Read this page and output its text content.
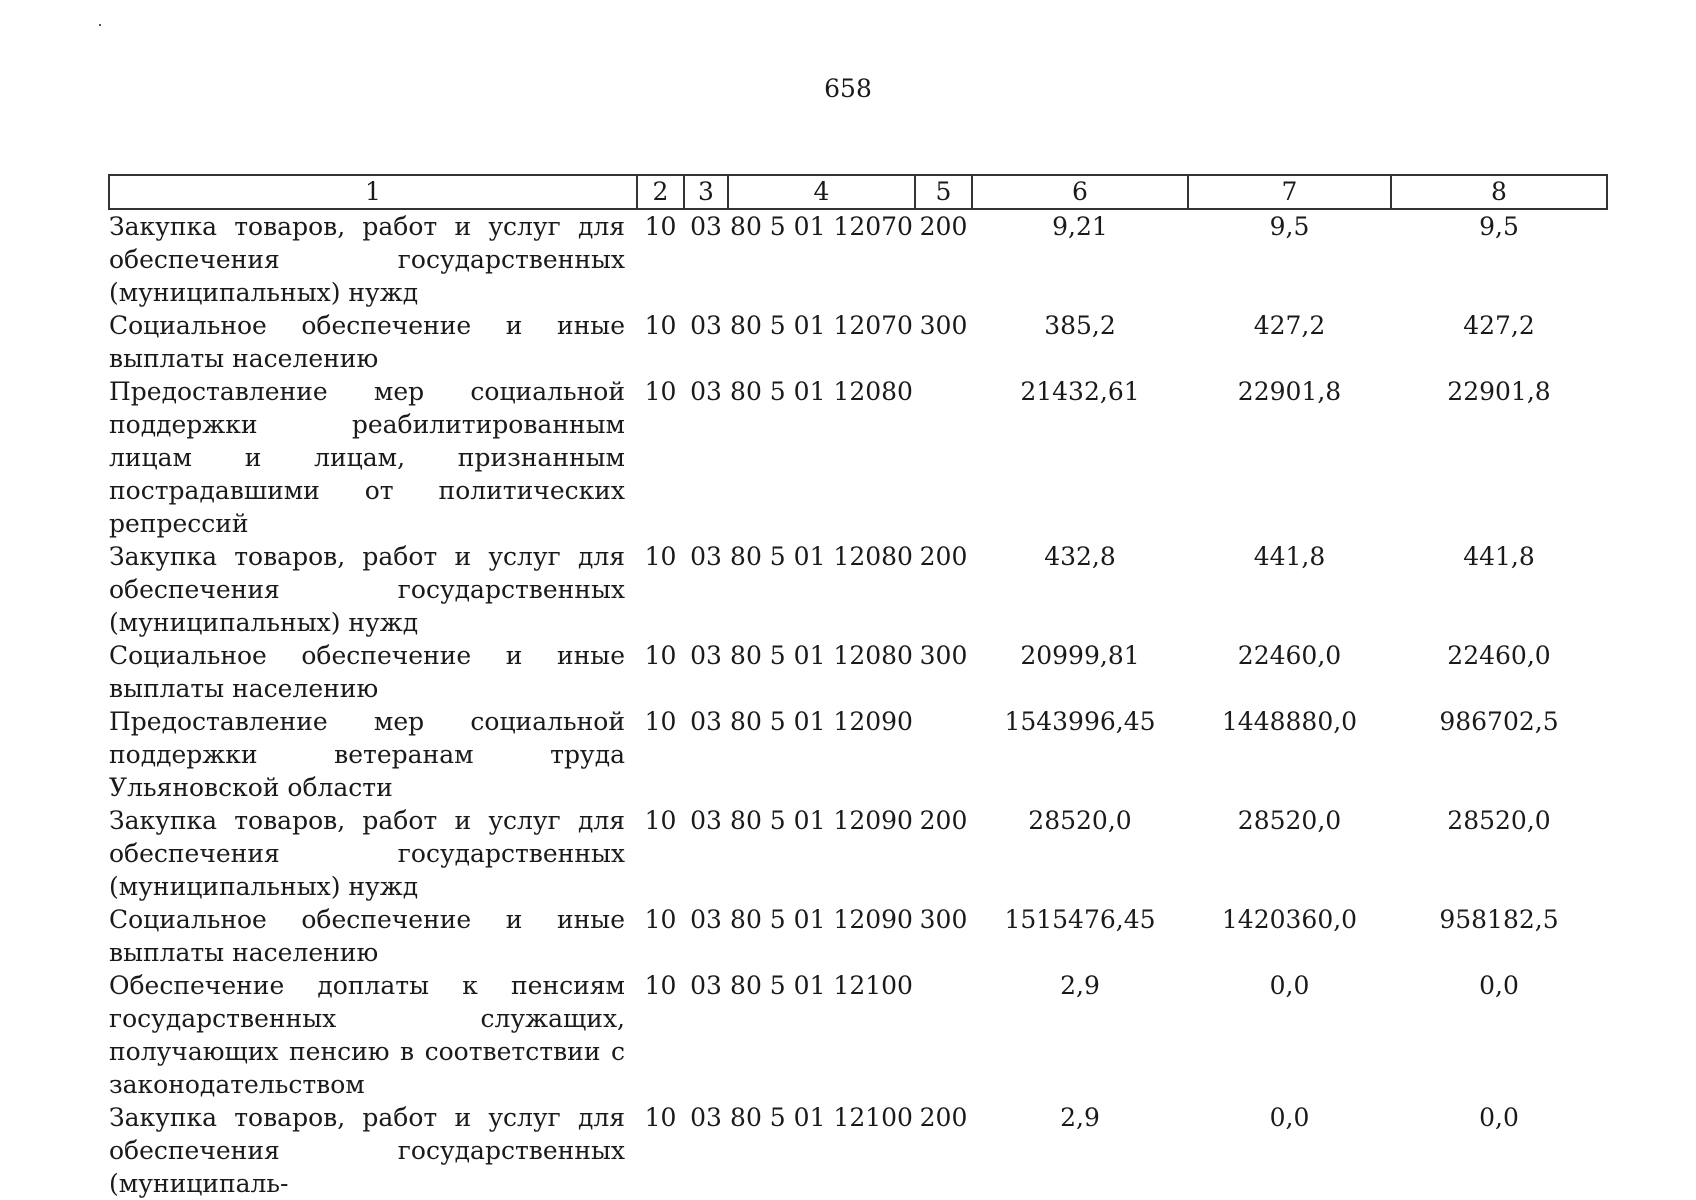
658
1	2	3	4	5	6	7	8
Закупка товаров, работ и услуг для обеспечения государственных (муниципальных) нужд	10	03	80 5 01 12070	200	9,21	9,5	9,5
Социальное обеспечение и иные выплаты населению	10	03	80 5 01 12070	300	385,2	427,2	427,2
Предоставление мер социальной поддержки реабилитированным лицам и лицам, признанным пострадавшими от политических репрессий	10	03	80 5 01 12080		21432,61	22901,8	22901,8
Закупка товаров, работ и услуг для обеспечения государственных (муниципальных) нужд	10	03	80 5 01 12080	200	432,8	441,8	441,8
Социальное обеспечение и иные выплаты населению	10	03	80 5 01 12080	300	20999,81	22460,0	22460,0
Предоставление мер социальной поддержки ветеранам труда Ульяновской области	10	03	80 5 01 12090		1543996,45	1448880,0	986702,5
Закупка товаров, работ и услуг для обеспечения государственных (муниципальных) нужд	10	03	80 5 01 12090	200	28520,0	28520,0	28520,0
Социальное обеспечение и иные выплаты населению	10	03	80 5 01 12090	300	1515476,45	1420360,0	958182,5
Обеспечение доплаты к пенсиям государственных служащих, получающих пенсию в соответствии с законодательством	10	03	80 5 01 12100		2,9	0,0	0,0
Закупка товаров, работ и услуг для обеспечения государственных (муниципаль-	10	03	80 5 01 12100	200	2,9	0,0	0,0
